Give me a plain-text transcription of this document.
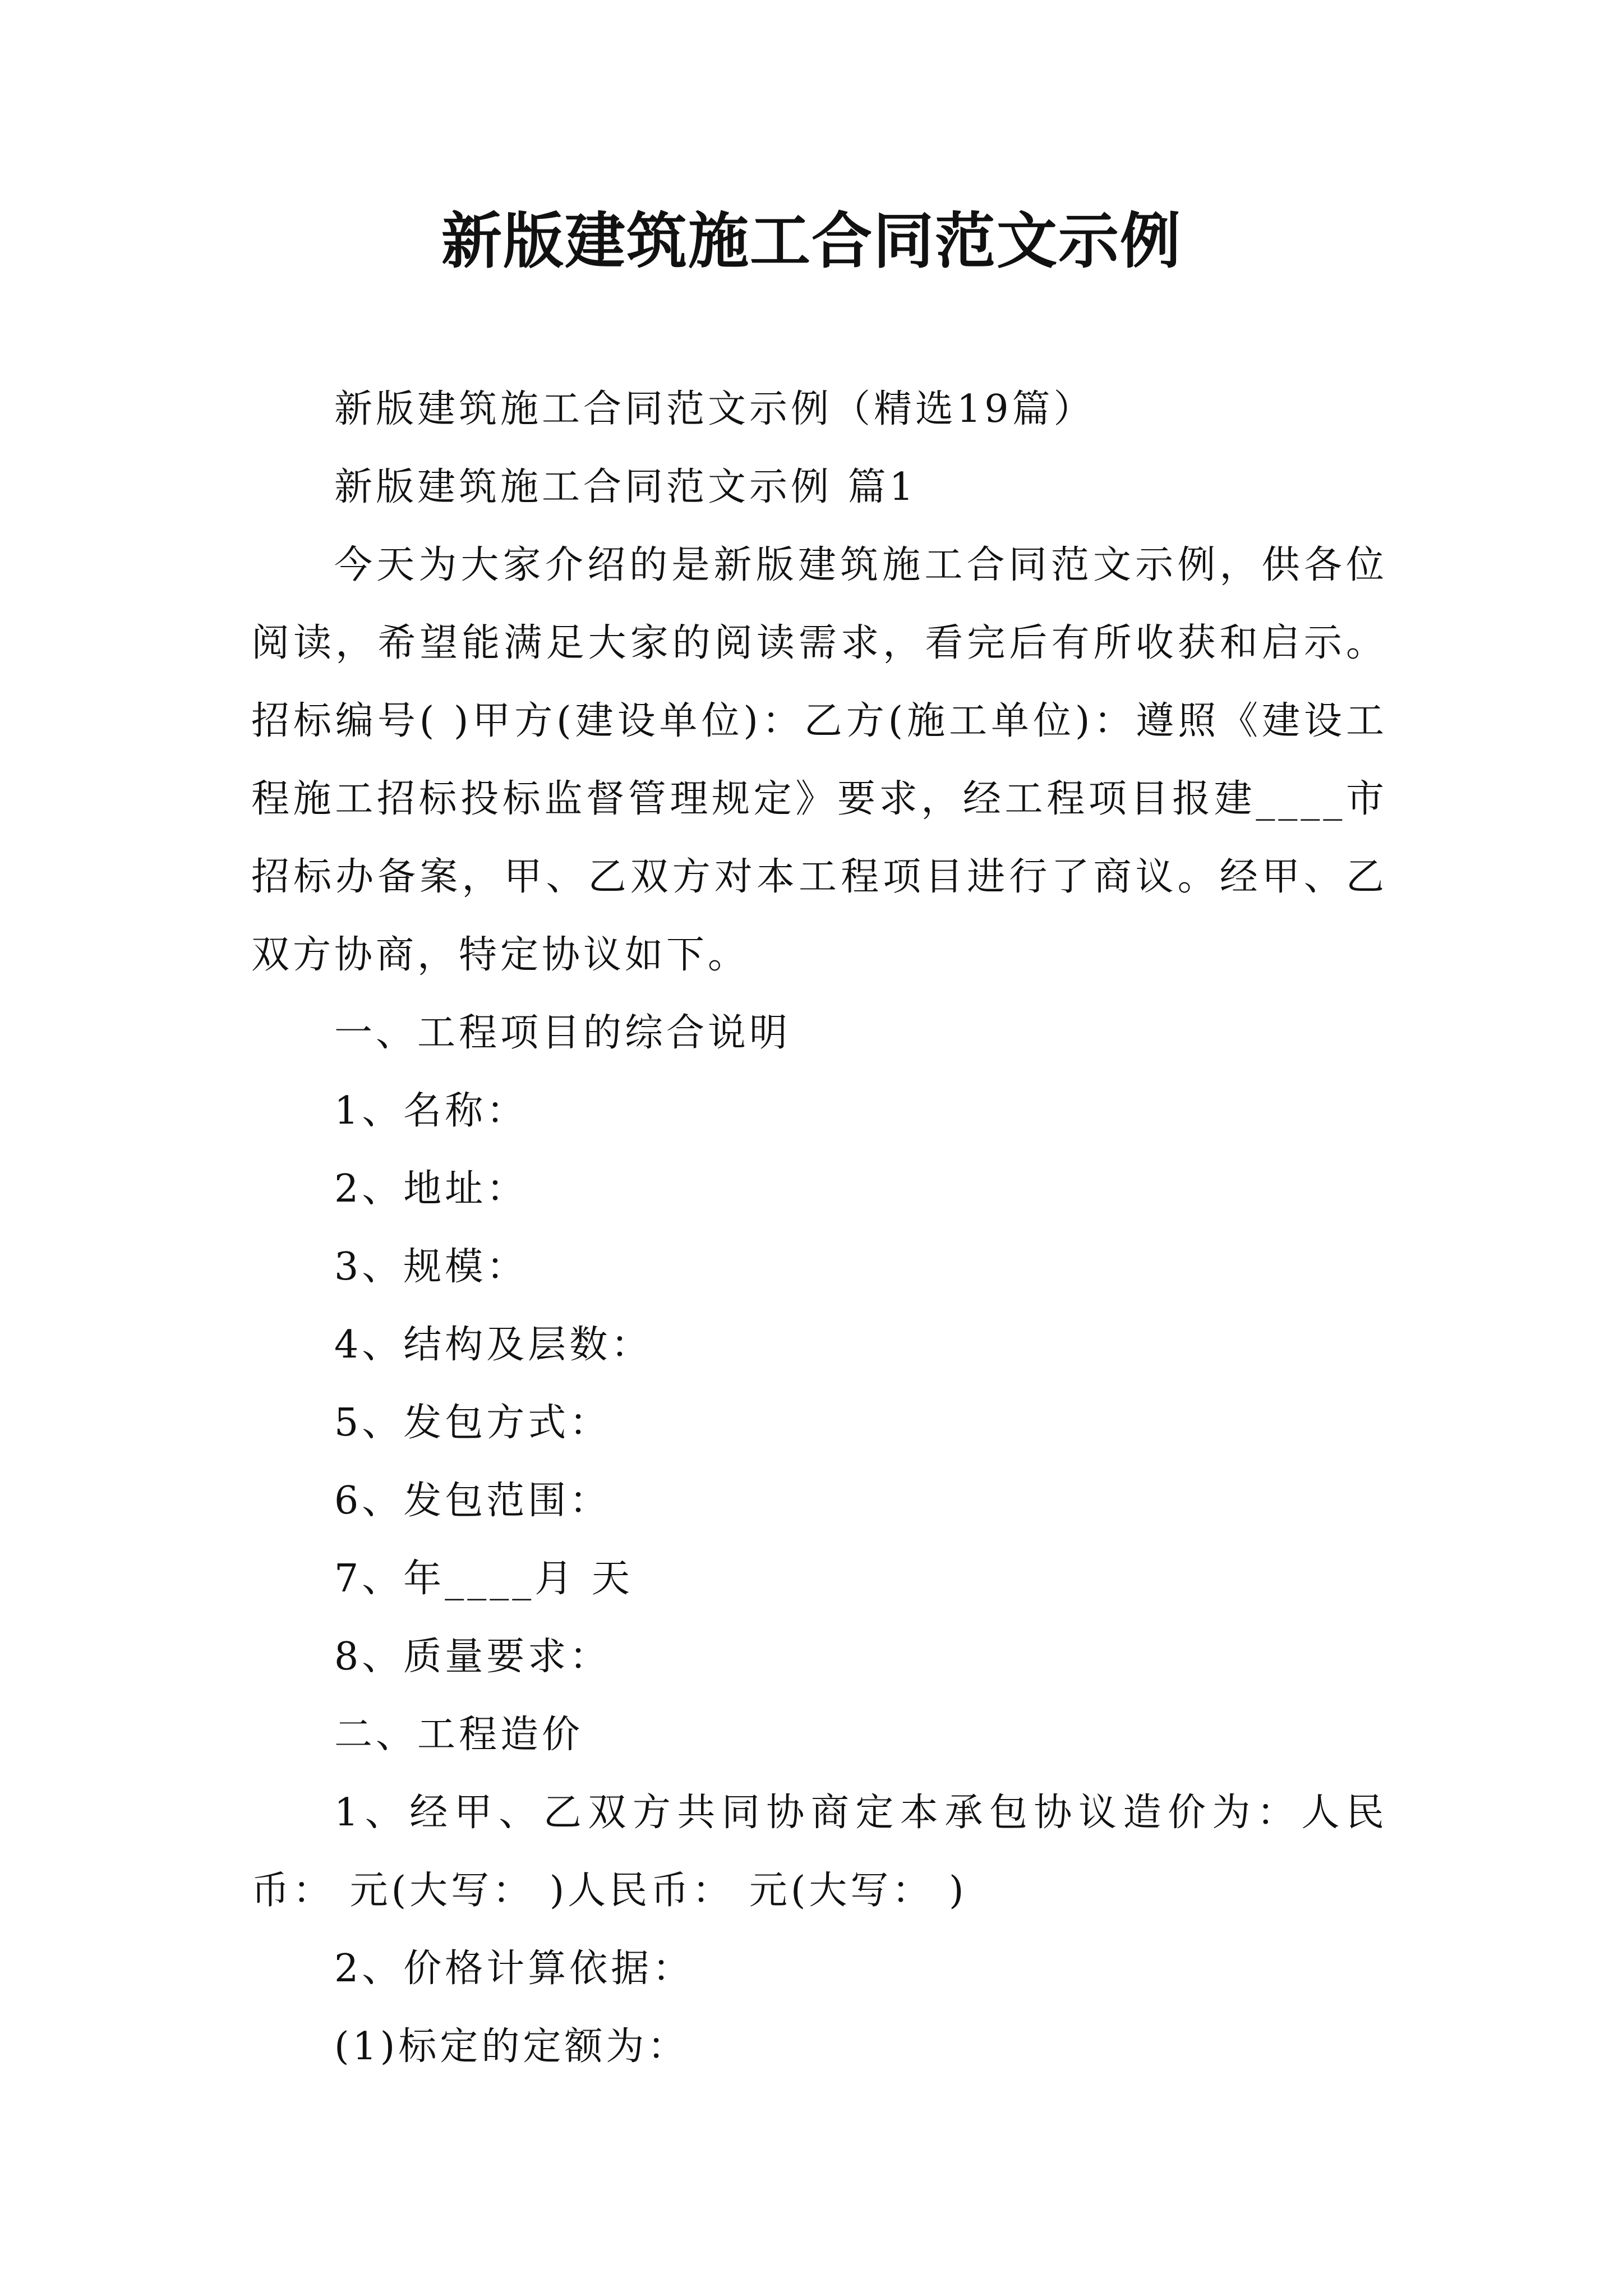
新版建筑施工合同范文示例

新版建筑施工合同范文示例（精选19篇）

新版建筑施工合同范文示例 篇1

今天为大家介绍的是新版建筑施工合同范文示例，供各位阅读，希望能满足大家的阅读需求，看完后有所收获和启示。招标编号( )甲方(建设单位)：乙方(施工单位)：遵照《建设工程施工招标投标监督管理规定》要求，经工程项目报建____市招标办备案，甲、乙双方对本工程项目进行了商议。经甲、乙双方协商，特定协议如下。

一、工程项目的综合说明

1、名称：

2、地址：

3、规模：

4、结构及层数：

5、发包方式：

6、发包范围：

7、年____月 天

8、质量要求：

二、工程造价

1、经甲、乙双方共同协商定本承包协议造价为：人民币： 元(大写： )人民币： 元(大写： )

2、价格计算依据：

(1)标定的定额为：
